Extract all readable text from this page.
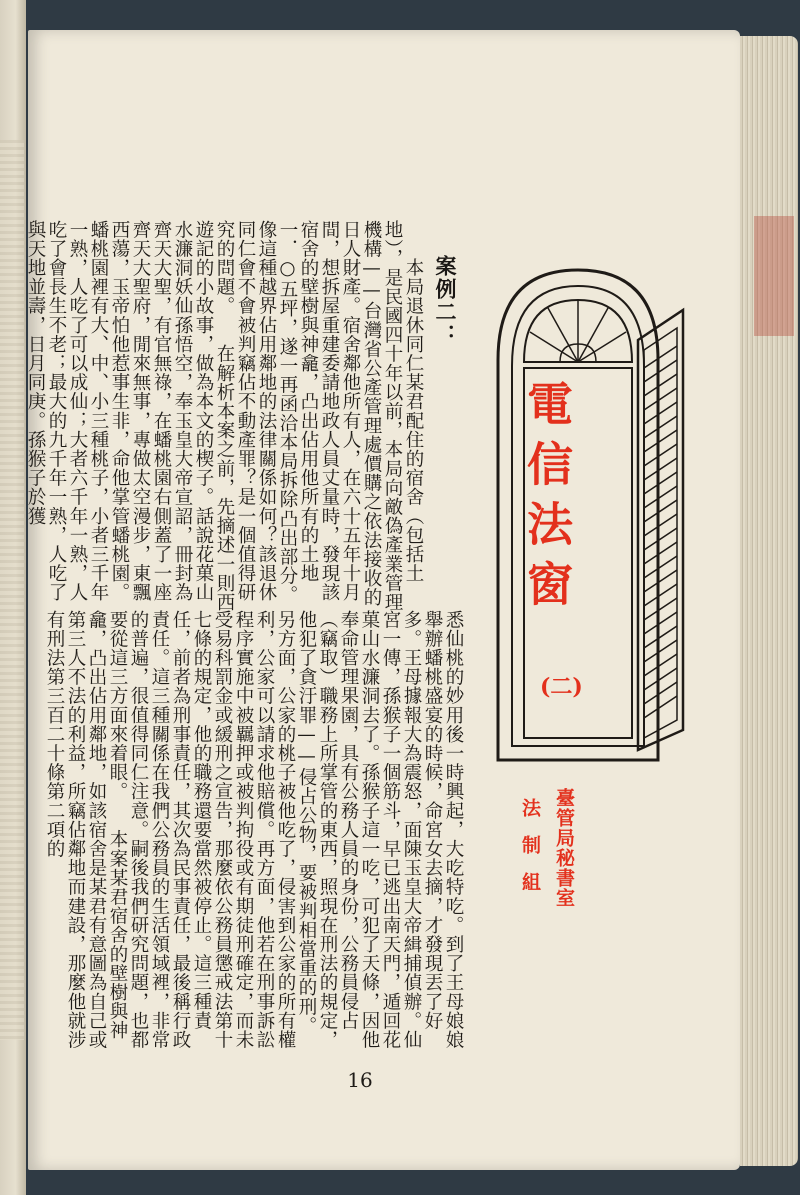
電信法窗
(二)
臺管局秘書室
法制組
案例二：
　　本局退休同仁某君配住的宿舍（包括土地），是民國四十年以前，本局向敵偽產業管理機構——台灣省公產管理處價購之依法接收的日人財產。宿舍鄰他所有人，在六十五年十月間，想拆屋重建委請地政人員丈量時，發現該宿舍的壁樹與神龕，凸出佔用他所有的土地一．○五坪，遂一再函洽本局拆除凸出部分。像這種越界佔用鄰地的法律關係如何？該退休同仁會不會被判竊佔不動產罪？是一個值得研究的問題。　　在解析本案之前，先摘述一則西遊記的小故事，做為本文的楔子。話說花菓山水濂洞妖仙孫悟空，奉玉皇大帝宣詔，冊封為齊天大聖，有官無祿，在蟠桃園右側蓋了一座齊天大聖府，閒來無事，專做太空漫步，東飄西蕩，玉帝怕他惹事生非，命他掌管蟠桃園。蟠桃園裡有大、中、小三種桃子，小者三千年一熟，人吃了可以成仙；大者六千年一熟，人吃了會長生不老；最大的九千年一熟，人吃了與天地並壽，日月同庚。孫猴子於獲
悉仙桃的妙用後一時興起，大吃特吃。到了王母娘娘舉辦蟠桃盛宴的時候，命宮女去摘，才發現丟了好多。王母據報大為震怒，面陳玉皇大帝緝捕偵辦。仙宮一傳，孫猴子一個筋斗，早已逃出南天門，遁回花菓山水濂洞去了。孫猴子這一吃，可犯了天條，因他奉命管理果園，具有公務人員的身份，公務員侵占（竊取）職務上所掌管的東西，照現在刑法的規定，他犯了貪汙罪——侵占公物，要被判相當重的刑。另方面，公家的桃子被他吃了，侵害到公家的所有權利，公家可以請求他賠償。再方面，他若在刑事訴訟程序實施中被羈押或被判拘役或有期徒刑確定，而未受易科罰金或緩刑之宣告，那麼依公務員懲戒法第十七條的規定，他的職務還要當然被停止。這三種責任，前者為刑事責任，其次為民事責任，最後稱行政責任。這三種關係在我們公務員的生活領域裡，非常的普遍，很值得同仁注意。嗣後我們研究問題，也都要從這三方面來着眼。　　本案某君宿舍的壁樹與神龕，凸出佔用鄰地，如該宿舍是某君有意圖為自己或第三人不法的利益，所竊佔鄰地而建設，那麼他就涉有刑法第三百二十條第二項的
16
